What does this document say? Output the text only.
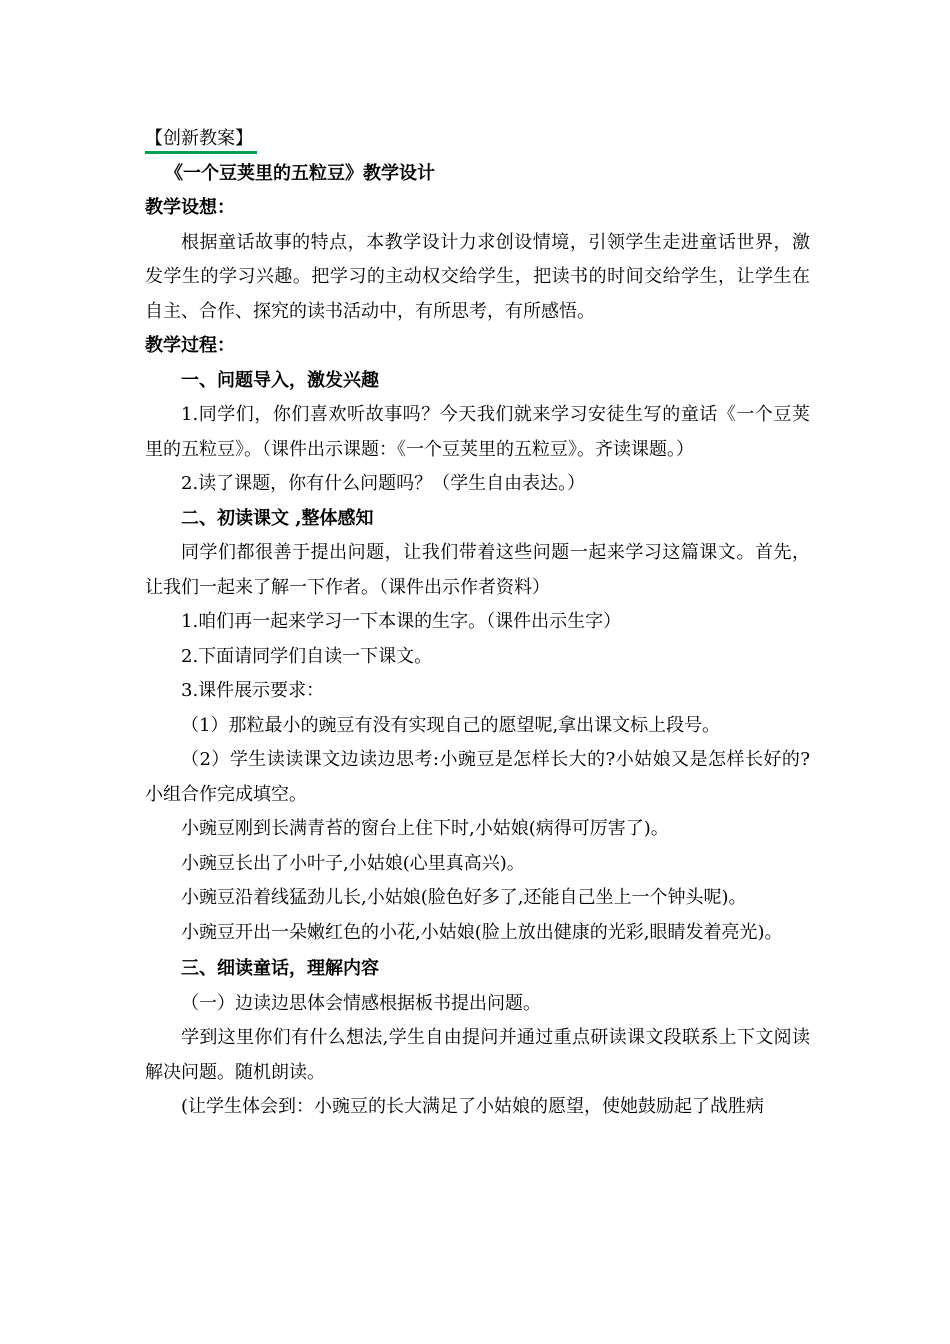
【创新教案】
《一个豆荚里的五粒豆》教学设计
教学设想：
根据童话故事的特点，本教学设计力求创设情境，引领学生走进童话世界，激发学生的学习兴趣。把学习的主动权交给学生，把读书的时间交给学生，让学生在自主、合作、探究的读书活动中，有所思考，有所感悟。
教学过程：
一、问题导入，激发兴趣
1.同学们，你们喜欢听故事吗？今天我们就来学习安徒生写的童话《一个豆荚里的五粒豆》。（课件出示课题：《一个豆荚里的五粒豆》。齐读课题。）
2.读了课题，你有什么问题吗？（学生自由表达。）
二、初读课文 ,整体感知
同学们都很善于提出问题，让我们带着这些问题一起来学习这篇课文。首先，让我们一起来了解一下作者。（课件出示作者资料）
1.咱们再一起来学习一下本课的生字。（课件出示生字）
2.下面请同学们自读一下课文。
3.课件展示要求：
（1）那粒最小的豌豆有没有实现自己的愿望呢,拿出课文标上段号。
（2）学生读读课文边读边思考:小豌豆是怎样长大的?小姑娘又是怎样长好的?小组合作完成填空。
小豌豆刚到长满青苔的窗台上住下时,小姑娘(病得可厉害了)。
小豌豆长出了小叶子,小姑娘(心里真高兴)。
小豌豆沿着线猛劲儿长,小姑娘(脸色好多了,还能自己坐上一个钟头呢)。
小豌豆开出一朵嫩红色的小花,小姑娘(脸上放出健康的光彩,眼睛发着亮光)。
三、细读童话，理解内容
（一）边读边思体会情感根据板书提出问题。
学到这里你们有什么想法,学生自由提问并通过重点研读课文段联系上下文阅读解决问题。随机朗读。
(让学生体会到：小豌豆的长大满足了小姑娘的愿望，使她鼓励起了战胜病
